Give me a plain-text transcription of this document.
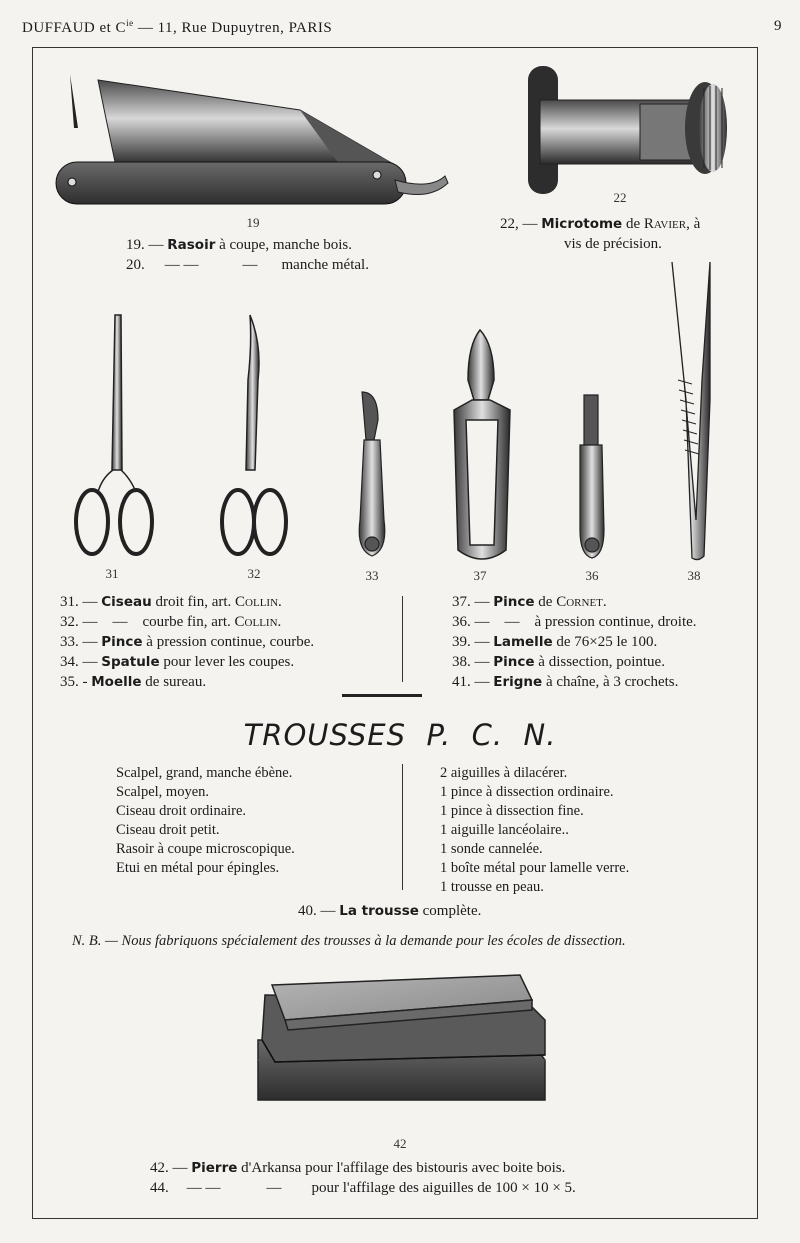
DUFFAUD et $C^{ie}$ — 11, Rue Dupuytren, PARIS	9
19
22
31	32	33	37	36	38
42
19. — Rasoir à coupe, manche bois.
20. — —	— manche métal.
22, — Microtome de Ravier, à
vis de précision.
31. — Ciseau droit fin, art. Collin.
32. —    —    courbe fin, art. Collin.
33. — Pince à pression continue, courbe.
34. — Spatule pour lever les coupes.
35. - Moelle de sureau.
37. — Pince de Cornet.
36. —    —    à pression continue, droite.
39. — Lamelle de 76×25 le 100.
38. — Pince à dissection, pointue.
41. — Erigne à chaîne, à 3 crochets.
TROUSSES  P.  C.  N.
Scalpel, grand, manche ébène.
Scalpel, moyen.
Ciseau droit ordinaire.
Ciseau droit petit.
Rasoir à coupe microscopique.
Etui en métal pour épingles.
2 aiguilles à dilacérer.
1 pince à dissection ordinaire.
1 pince à dissection fine.
1 aiguille lancéolaire..
1 sonde cannelée.
1 boîte métal pour lamelle verre.
1 trousse en peau.
40. — La trousse complète.
N. B. — Nous fabriquons spécialement des trousses à la demande pour les écoles de dissection.
42. — Pierre d'Arkansa pour l'affilage des bistouris avec boite bois.
44. — —	— pour l'affilage des aiguilles de 100 × 10 × 5.
